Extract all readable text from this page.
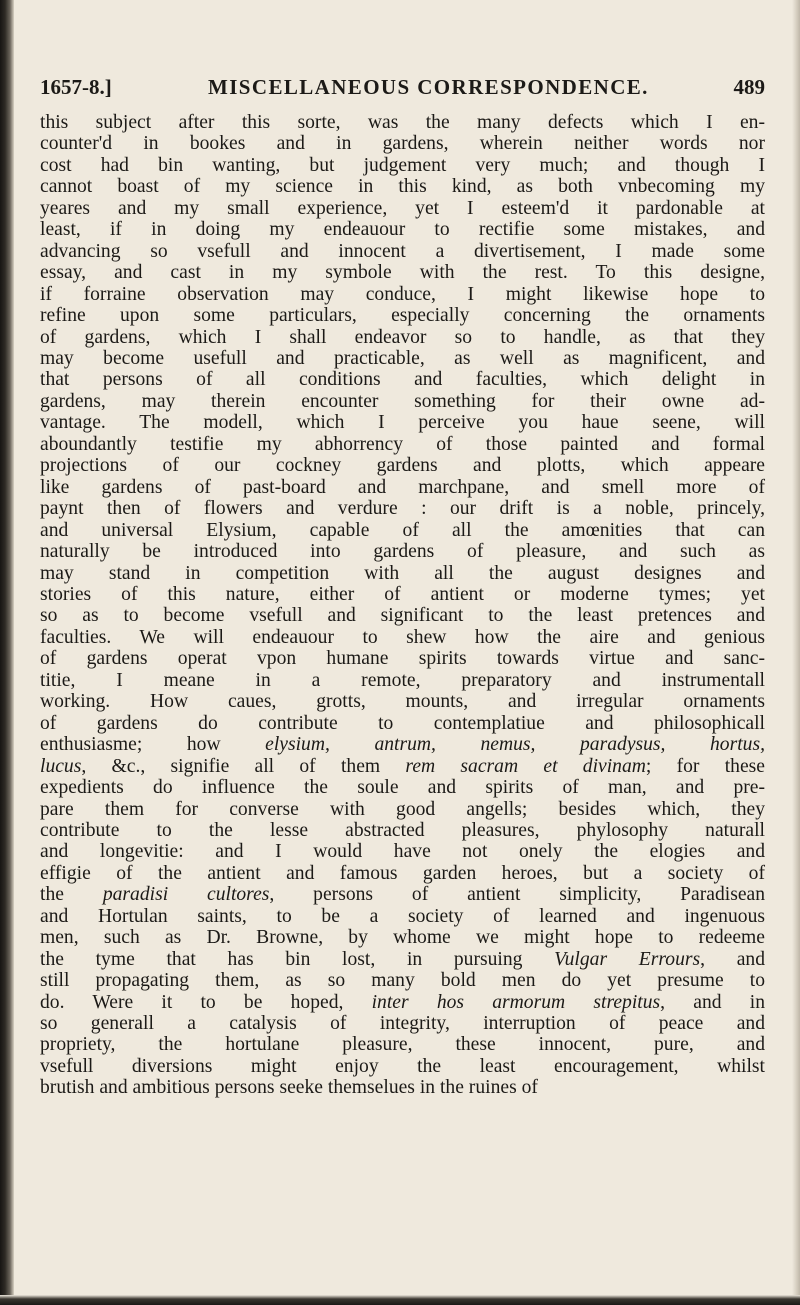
1657-8.]	MISCELLANEOUS CORRESPONDENCE.	489
this subject after this sorte, was the many defects which I en-
counter'd in bookes and in gardens, wherein neither words nor
cost had bin wanting, but judgement very much; and though I
cannot boast of my science in this kind, as both vnbecoming my
yeares and my small experience, yet I esteem'd it pardonable at
least, if in doing my endeauour to rectifie some mistakes, and
advancing so vsefull and innocent a divertisement, I made some
essay, and cast in my symbole with the rest. To this designe,
if forraine observation may conduce, I might likewise hope to
refine upon some particulars, especially concerning the ornaments
of gardens, which I shall endeavor so to handle, as that they
may become usefull and practicable, as well as magnificent, and
that persons of all conditions and faculties, which delight in
gardens, may therein encounter something for their owne ad-
vantage. The modell, which I perceive you haue seene, will
aboundantly testifie my abhorrency of those painted and formal
projections of our cockney gardens and plotts, which appeare
like gardens of past-board and marchpane, and smell more of
paynt then of flowers and verdure : our drift is a noble, princely,
and universal Elysium, capable of all the amœnities that can
naturally be introduced into gardens of pleasure, and such as
may stand in competition with all the august designes and
stories of this nature, either of antient or moderne tymes; yet
so as to become vsefull and significant to the least pretences and
faculties. We will endeauour to shew how the aire and genious
of gardens operat vpon humane spirits towards virtue and sanc-
titie, I meane in a remote, preparatory and instrumentall
working. How caues, grotts, mounts, and irregular ornaments
of gardens do contribute to contemplatiue and philosophicall
enthusiasme; how elysium, antrum, nemus, paradysus, hortus,
lucus, &c., signifie all of them rem sacram et divinam; for these
expedients do influence the soule and spirits of man, and pre-
pare them for converse with good angells; besides which, they
contribute to the lesse abstracted pleasures, phylosophy naturall
and longevitie: and I would have not onely the elogies and
effigie of the antient and famous garden heroes, but a society of
the paradisi cultores, persons of antient simplicity, Paradisean
and Hortulan saints, to be a society of learned and ingenuous
men, such as Dr. Browne, by whome we might hope to redeeme
the tyme that has bin lost, in pursuing Vulgar Errours, and
still propagating them, as so many bold men do yet presume to
do. Were it to be hoped, inter hos armorum strepitus, and in
so generall a catalysis of integrity, interruption of peace and
propriety, the hortulane pleasure, these innocent, pure, and
vsefull diversions might enjoy the least encouragement, whilst
brutish and ambitious persons seeke themselues in the ruines of
